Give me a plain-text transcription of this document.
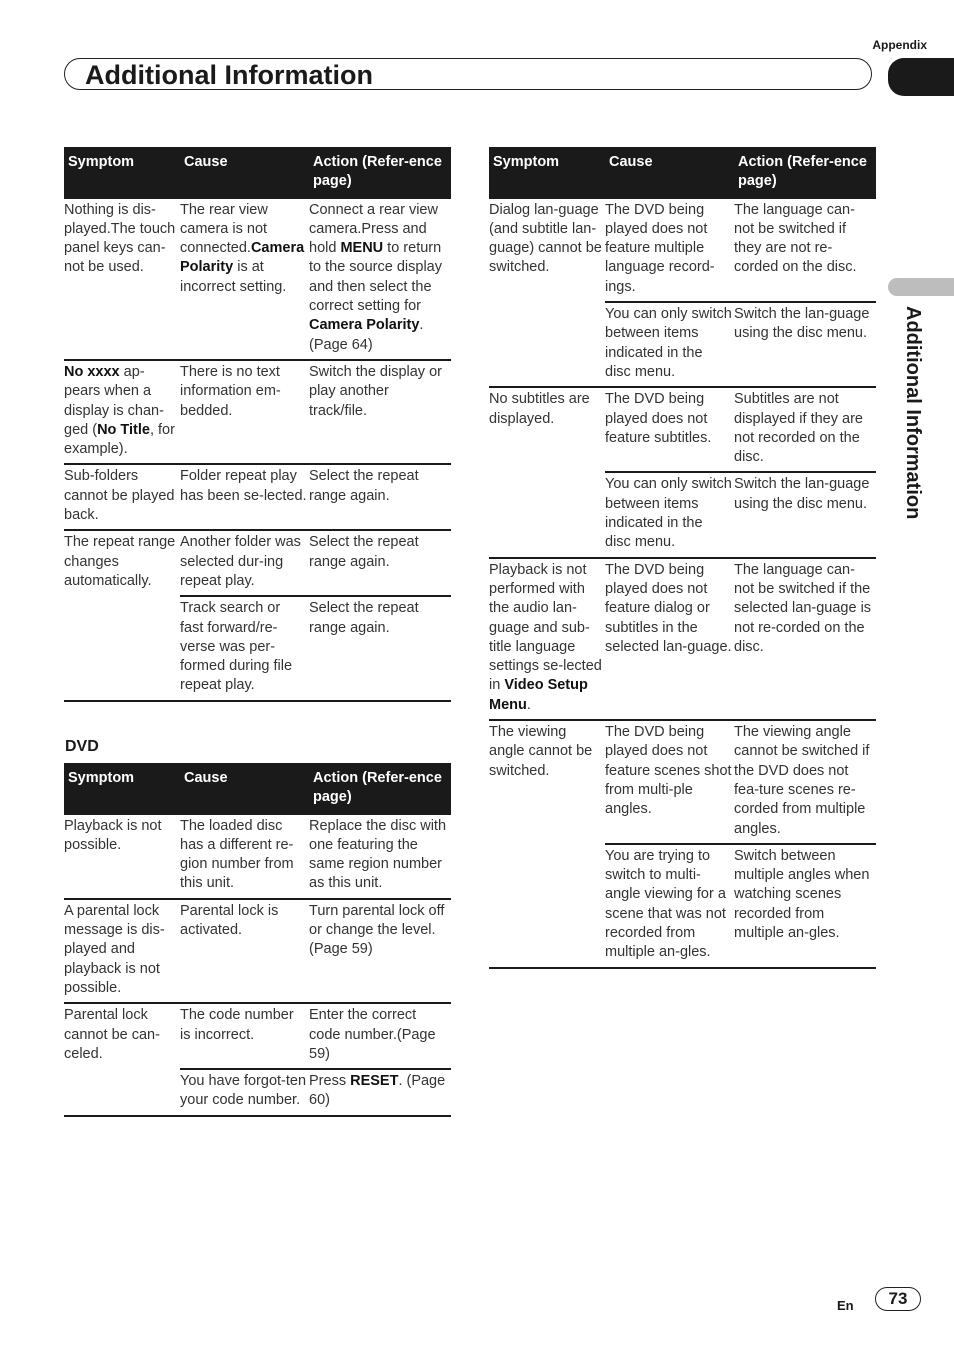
Appendix
Additional Information
Additional Information
Symptom	Cause	Action (Refer-ence page)
Nothing is dis-played.The touch panel keys can-not be used.	The rear view camera is not connected.Camera Polarity is at incorrect setting.	Connect a rear view camera.Press and hold MENU to return to the source display and then select the correct setting for Camera Polarity.(Page 64)
No xxxx ap-pears when a display is chan-ged (No Title, for example).	There is no text information em-bedded.	Switch the display or play another track/file.
Sub-folders cannot be played back.	Folder repeat play has been se-lected.	Select the repeat range again.
The repeat range changes automatically.	Another folder was selected dur-ing repeat play.	Select the repeat range again.
	Track search or fast forward/re-verse was per-formed during file repeat play.	Select the repeat range again.
DVD
Symptom	Cause	Action (Refer-ence page)
Playback is not possible.	The loaded disc has a different re-gion number from this unit.	Replace the disc with one featuring the same region number as this unit.
A parental lock message is dis-played and playback is not possible.	Parental lock is activated.	Turn parental lock off or change the level. (Page 59)
Parental lock cannot be can-celed.	The code number is incorrect.	Enter the correct code number.(Page 59)
	You have forgot-ten your code number.	Press RESET. (Page 60)
Symptom	Cause	Action (Refer-ence page)
Dialog lan-guage (and subtitle lan-guage) cannot be switched.	The DVD being played does not feature multiple language record-ings.	The language can-not be switched if they are not re-corded on the disc.
	You can only switch between items indicated in the disc menu.	Switch the lan-guage using the disc menu.
No subtitles are displayed.	The DVD being played does not feature subtitles.	Subtitles are not displayed if they are not recorded on the disc.
	You can only switch between items indicated in the disc menu.	Switch the lan-guage using the disc menu.
Playback is not performed with the audio lan-guage and sub-title language settings se-lected in Video Setup Menu.	The DVD being played does not feature dialog or subtitles in the selected lan-guage.	The language can-not be switched if the selected lan-guage is not re-corded on the disc.
The viewing angle cannot be switched.	The DVD being played does not feature scenes shot from multi-ple angles.	The viewing angle cannot be switched if the DVD does not fea-ture scenes re-corded from multiple angles.
	You are trying to switch to multi-angle viewing for a scene that was not recorded from multiple an-gles.	Switch between multiple angles when watching scenes recorded from multiple an-gles.
En	73
